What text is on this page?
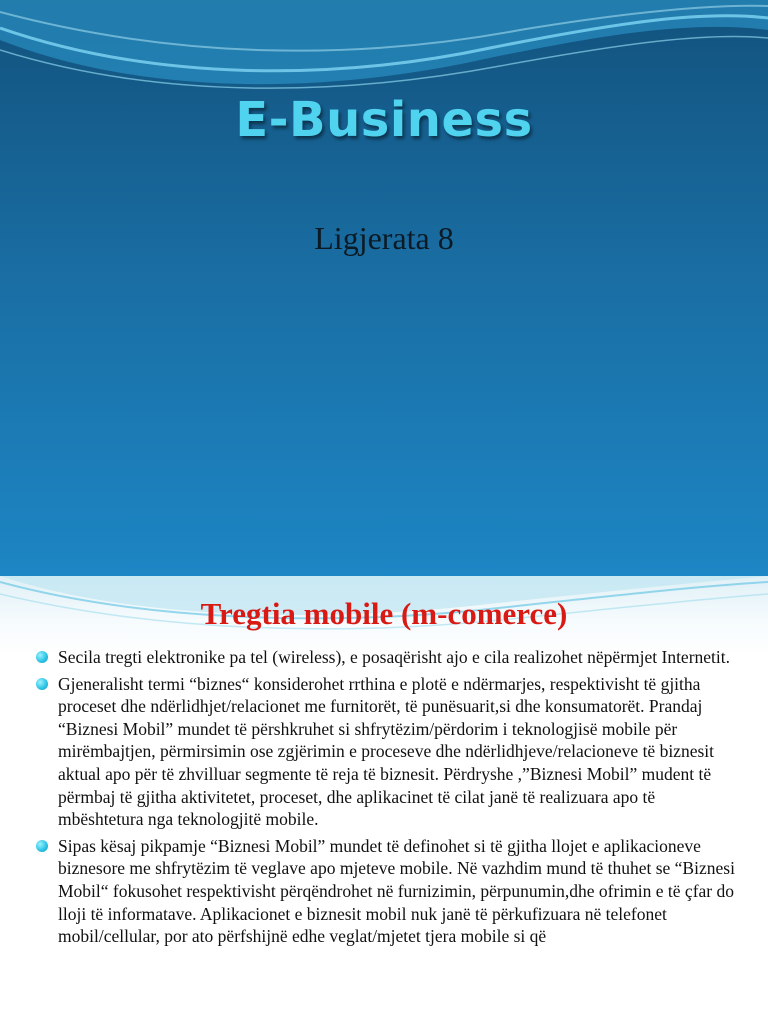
E-Business

Ligjerata 8

Tregtia mobile (m-comerce)
Secila tregti elektronike pa tel (wireless), e posaqërisht ajo e cila realizohet nëpërmjet Internetit.
Gjeneralisht termi “biznes“ konsiderohet rrthina e plotë e ndërmarjes, respektivisht të gjitha proceset dhe ndërlidhjet/relacionet me furnitorët, të punësuarit,si dhe konsumatorët. Prandaj “Biznesi Mobil” mundet të përshkruhet si shfrytëzim/përdorim i teknologjisë mobile për mirëmbajtjen, përmirsimin ose zgjërimin e proceseve dhe ndërlidhjeve/relacioneve të biznesit aktual apo për të zhvilluar segmente të reja të biznesit. Përdryshe ,”Biznesi Mobil” mudent të përmbaj të gjitha aktivitetet, proceset, dhe aplikacinet të cilat janë të realizuara apo të mbështetura nga teknologjitë mobile.
Sipas kësaj pikpamje “Biznesi Mobil” mundet të definohet si të gjitha llojet e aplikacioneve biznesore me shfrytëzim të veglave apo mjeteve mobile. Në vazhdim mund të thuhet se “Biznesi Mobil“ fokusohet respektivisht përqëndrohet në furnizimin, përpunumin,dhe ofrimin e të çfar do lloji të informatave. Aplikacionet e biznesit mobil nuk janë të përkufizuara në telefonet mobil/cellular, por ato përfshijnë edhe veglat/mjetet tjera mobile si që
